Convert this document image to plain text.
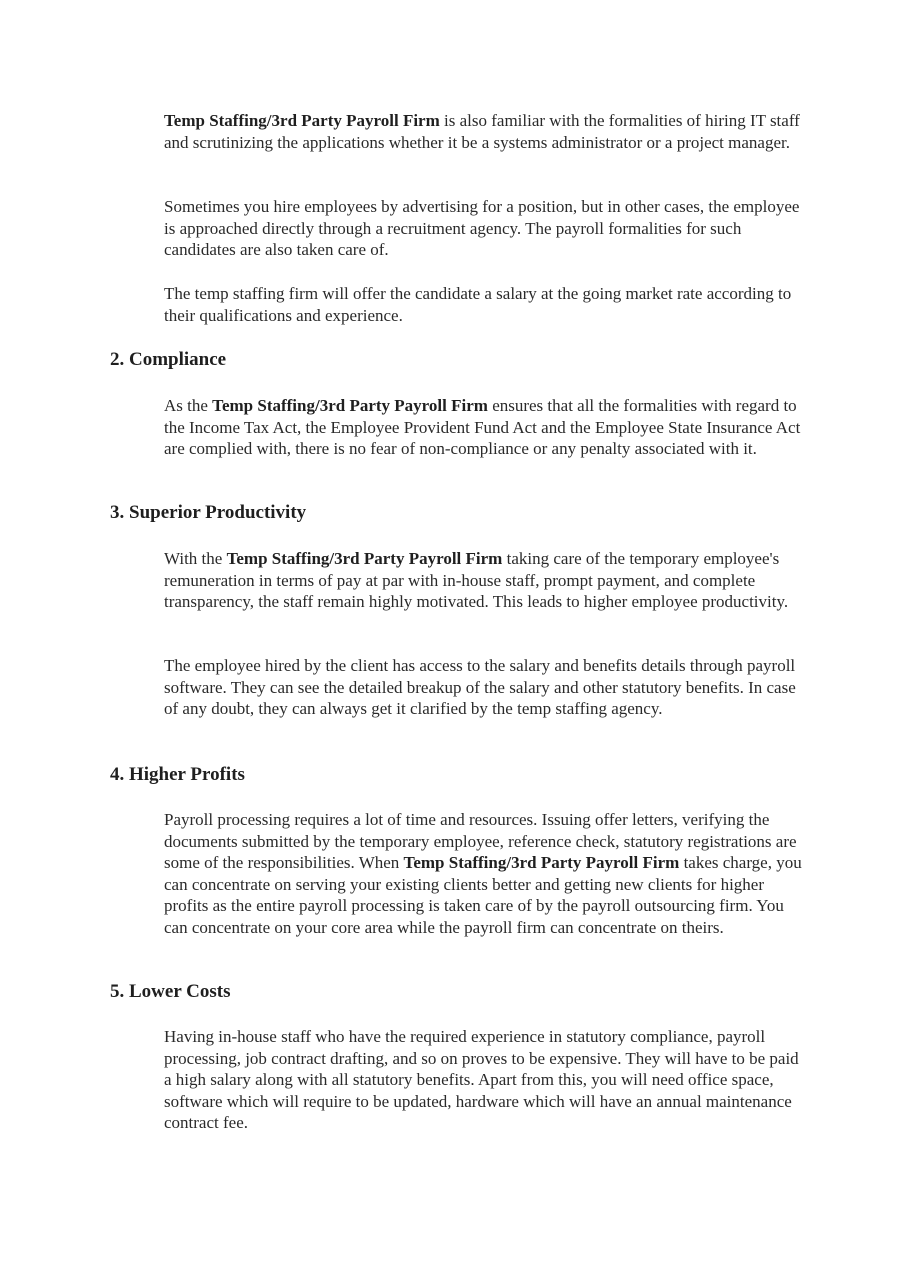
Temp Staffing/3rd Party Payroll Firm is also familiar with the formalities of hiring IT staff and scrutinizing the applications whether it be a systems administrator or a project manager.

Sometimes you hire employees by advertising for a position, but in other cases, the employee is approached directly through a recruitment agency. The payroll formalities for such candidates are also taken care of.

The temp staffing firm will offer the candidate a salary at the going market rate according to their qualifications and experience.

2. Compliance

As the Temp Staffing/3rd Party Payroll Firm ensures that all the formalities with regard to the Income Tax Act, the Employee Provident Fund Act and the Employee State Insurance Act are complied with, there is no fear of non-compliance or any penalty associated with it.

3. Superior Productivity

With the Temp Staffing/3rd Party Payroll Firm taking care of the temporary employee's remuneration in terms of pay at par with in-house staff, prompt payment, and complete transparency, the staff remain highly motivated. This leads to higher employee productivity.

The employee hired by the client has access to the salary and benefits details through payroll software. They can see the detailed breakup of the salary and other statutory benefits. In case of any doubt, they can always get it clarified by the temp staffing agency.

4. Higher Profits

Payroll processing requires a lot of time and resources. Issuing offer letters, verifying the documents submitted by the temporary employee, reference check, statutory registrations are some of the responsibilities. When Temp Staffing/3rd Party Payroll Firm takes charge, you can concentrate on serving your existing clients better and getting new clients for higher profits as the entire payroll processing is taken care of by the payroll outsourcing firm. You can concentrate on your core area while the payroll firm can concentrate on theirs.

5. Lower Costs

Having in-house staff who have the required experience in statutory compliance, payroll processing, job contract drafting, and so on proves to be expensive. They will have to be paid a high salary along with all statutory benefits. Apart from this, you will need office space, software which will require to be updated, hardware which will have an annual maintenance contract fee.
